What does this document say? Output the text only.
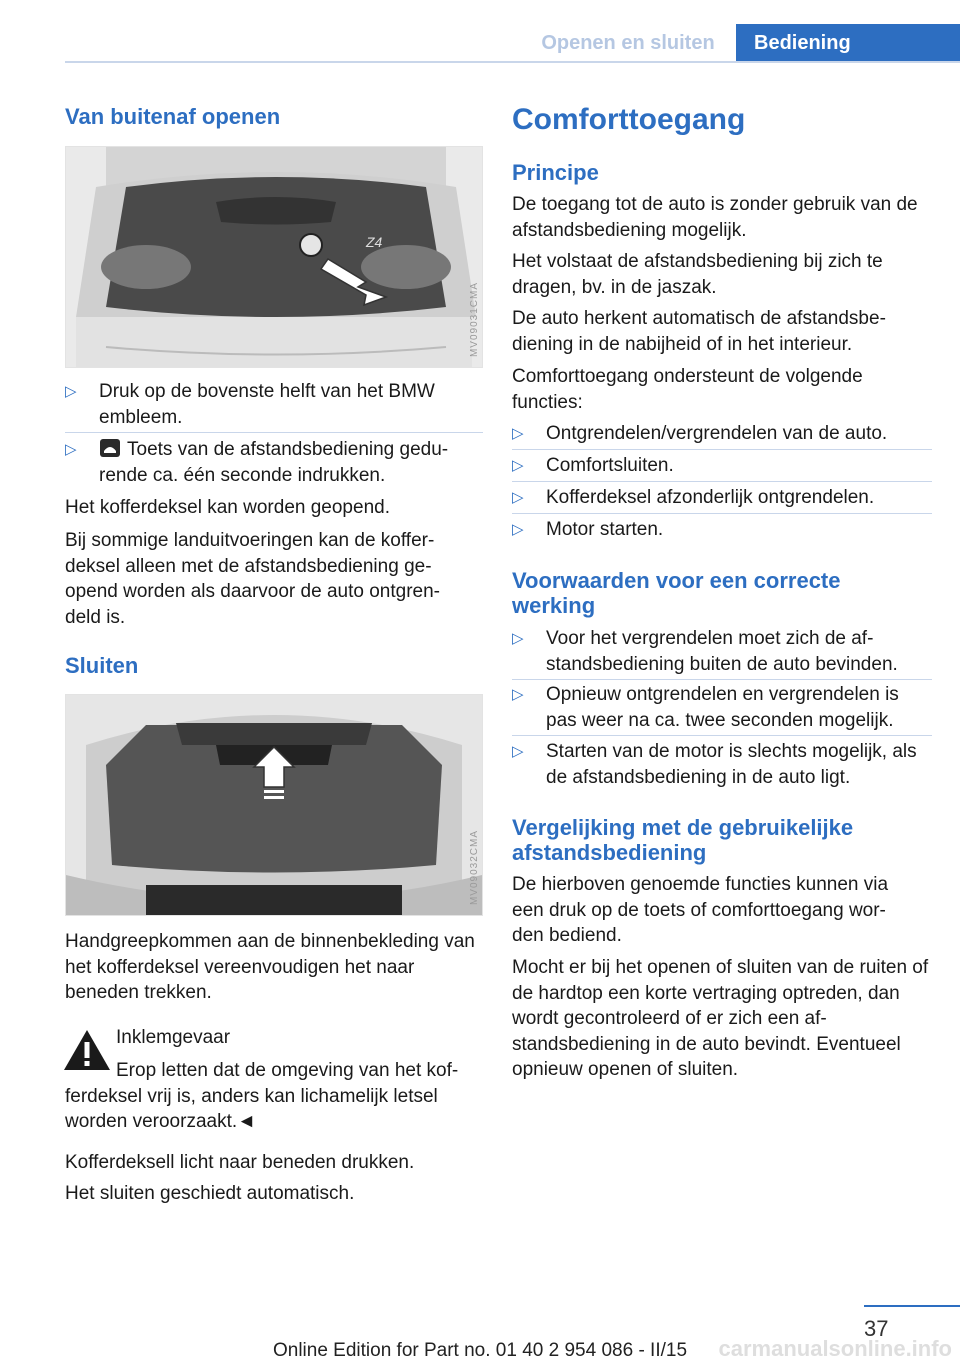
Openen en sluiten	Bediening
Van buitenaf openen
Z4
MV09031CMA
▷ Druk op de bovenste helft van het BMW embleem.
▷	Toets van de afstandsbediening gedu- rende ca. één seconde indrukken.
Het kofferdeksel kan worden geopend.
Bij sommige landuitvoeringen kan de koffer- deksel alleen met de afstandsbediening ge- opend worden als daarvoor de auto ontgren- deld is.
Sluiten
MV09032CMA
Handgreepkommen aan de binnenbekleding van het kofferdeksel vereenvoudigen het naar beneden trekken.
Inklemgevaar
Erop letten dat de omgeving van het kof- ferdeksel vrij is, anders kan lichamelijk letsel worden veroorzaakt.◄
Kofferdeksell licht naar beneden drukken.
Het sluiten geschiedt automatisch.
Comforttoegang
Principe
De toegang tot de auto is zonder gebruik van de afstandsbediening mogelijk.
Het volstaat de afstandsbediening bij zich te dragen, bv. in de jaszak.
De auto herkent automatisch de afstandsbe- diening in de nabijheid of in het interieur.
Comforttoegang ondersteunt de volgende functies:
▷ Ontgrendelen/vergrendelen van de auto.
▷ Comfortsluiten.
▷ Kofferdeksel afzonderlijk ontgrendelen.
▷ Motor starten.
Voorwaarden voor een correcte werking
▷ Voor het vergrendelen moet zich de af- standsbediening buiten de auto bevinden.
▷ Opnieuw ontgrendelen en vergrendelen is pas weer na ca. twee seconden mogelijk.
▷ Starten van de motor is slechts mogelijk, als de afstandsbediening in de auto ligt.
Vergelijking met de gebruikelijke afstandsbediening
De hierboven genoemde functies kunnen via een druk op de toets of comforttoegang wor- den bediend.
Mocht er bij het openen of sluiten van de ruiten of de hardtop een korte vertraging optreden, dan wordt gecontroleerd of er zich een af- standsbediening in de auto bevindt. Eventueel opnieuw openen of sluiten.
37
Online Edition for Part no. 01 40 2 954 086 - II/15	carmanualsonline.info
